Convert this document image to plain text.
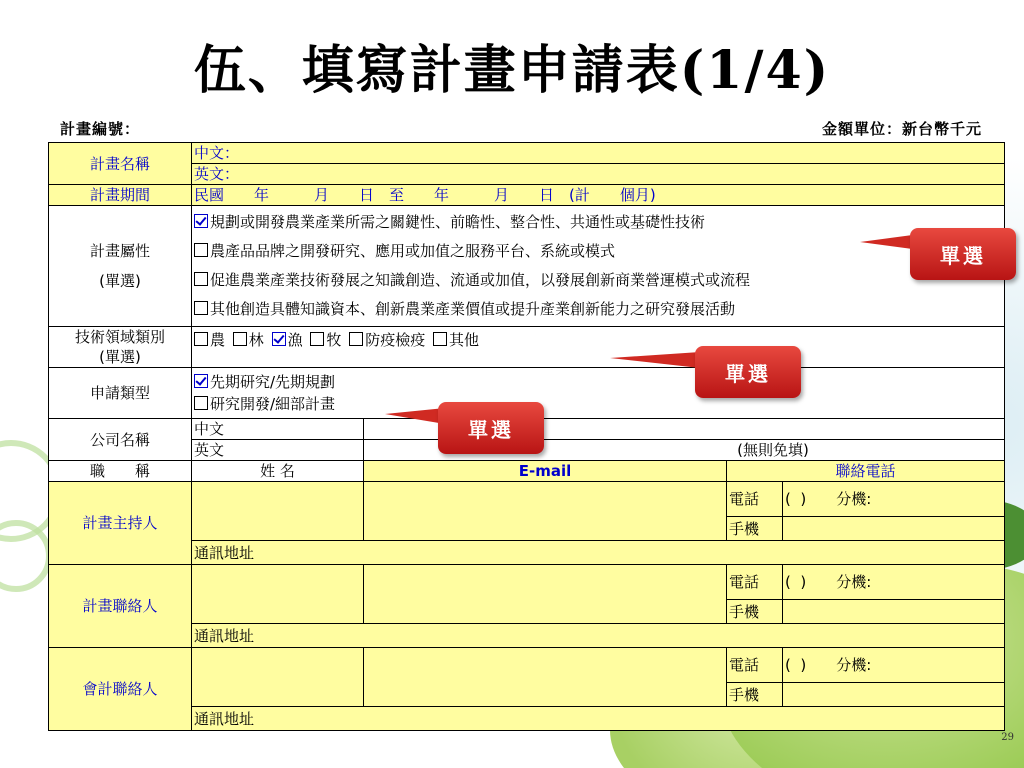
伍、填寫計畫申請表(1/4)
計畫編號：	金額單位：新台幣千元
計畫名稱	中文：			
	英文：			
計畫期間	民國　　年　　　月　　日　至　　年　　　月　　日　(計　　個月)			
計畫屬性
(單選)	規劃或開發農業產業所需之關鍵性、前瞻性、整合性、共通性或基礎性技術
農產品品牌之開發研究、應用或加值之服務平台、系統或模式
促進農業產業技術發展之知識創造、流通或加值，以發展創新商業營運模式或流程
其他創造具體知識資本、創新農業產業價值或提升產業創新能力之研究發展活動			

技術領域類別
(單選)	農 林 漁 牧 防疫檢疫 其他			
申請類型	先期研究/先期規劃
研究開發/細部計畫			

公司名稱	中文			
	英文	(無則免填)		
職　　稱	姓 名	E-mail	聯絡電話	
計畫主持人			電話	(  )　　分機:
			手機	
	通訊地址			
計畫聯絡人			電話	(  )　　分機:
			手機	
	通訊地址			
會計聯絡人			電話	(  )　　分機:
			手機	
	通訊地址			
單選
單選
單選
29
